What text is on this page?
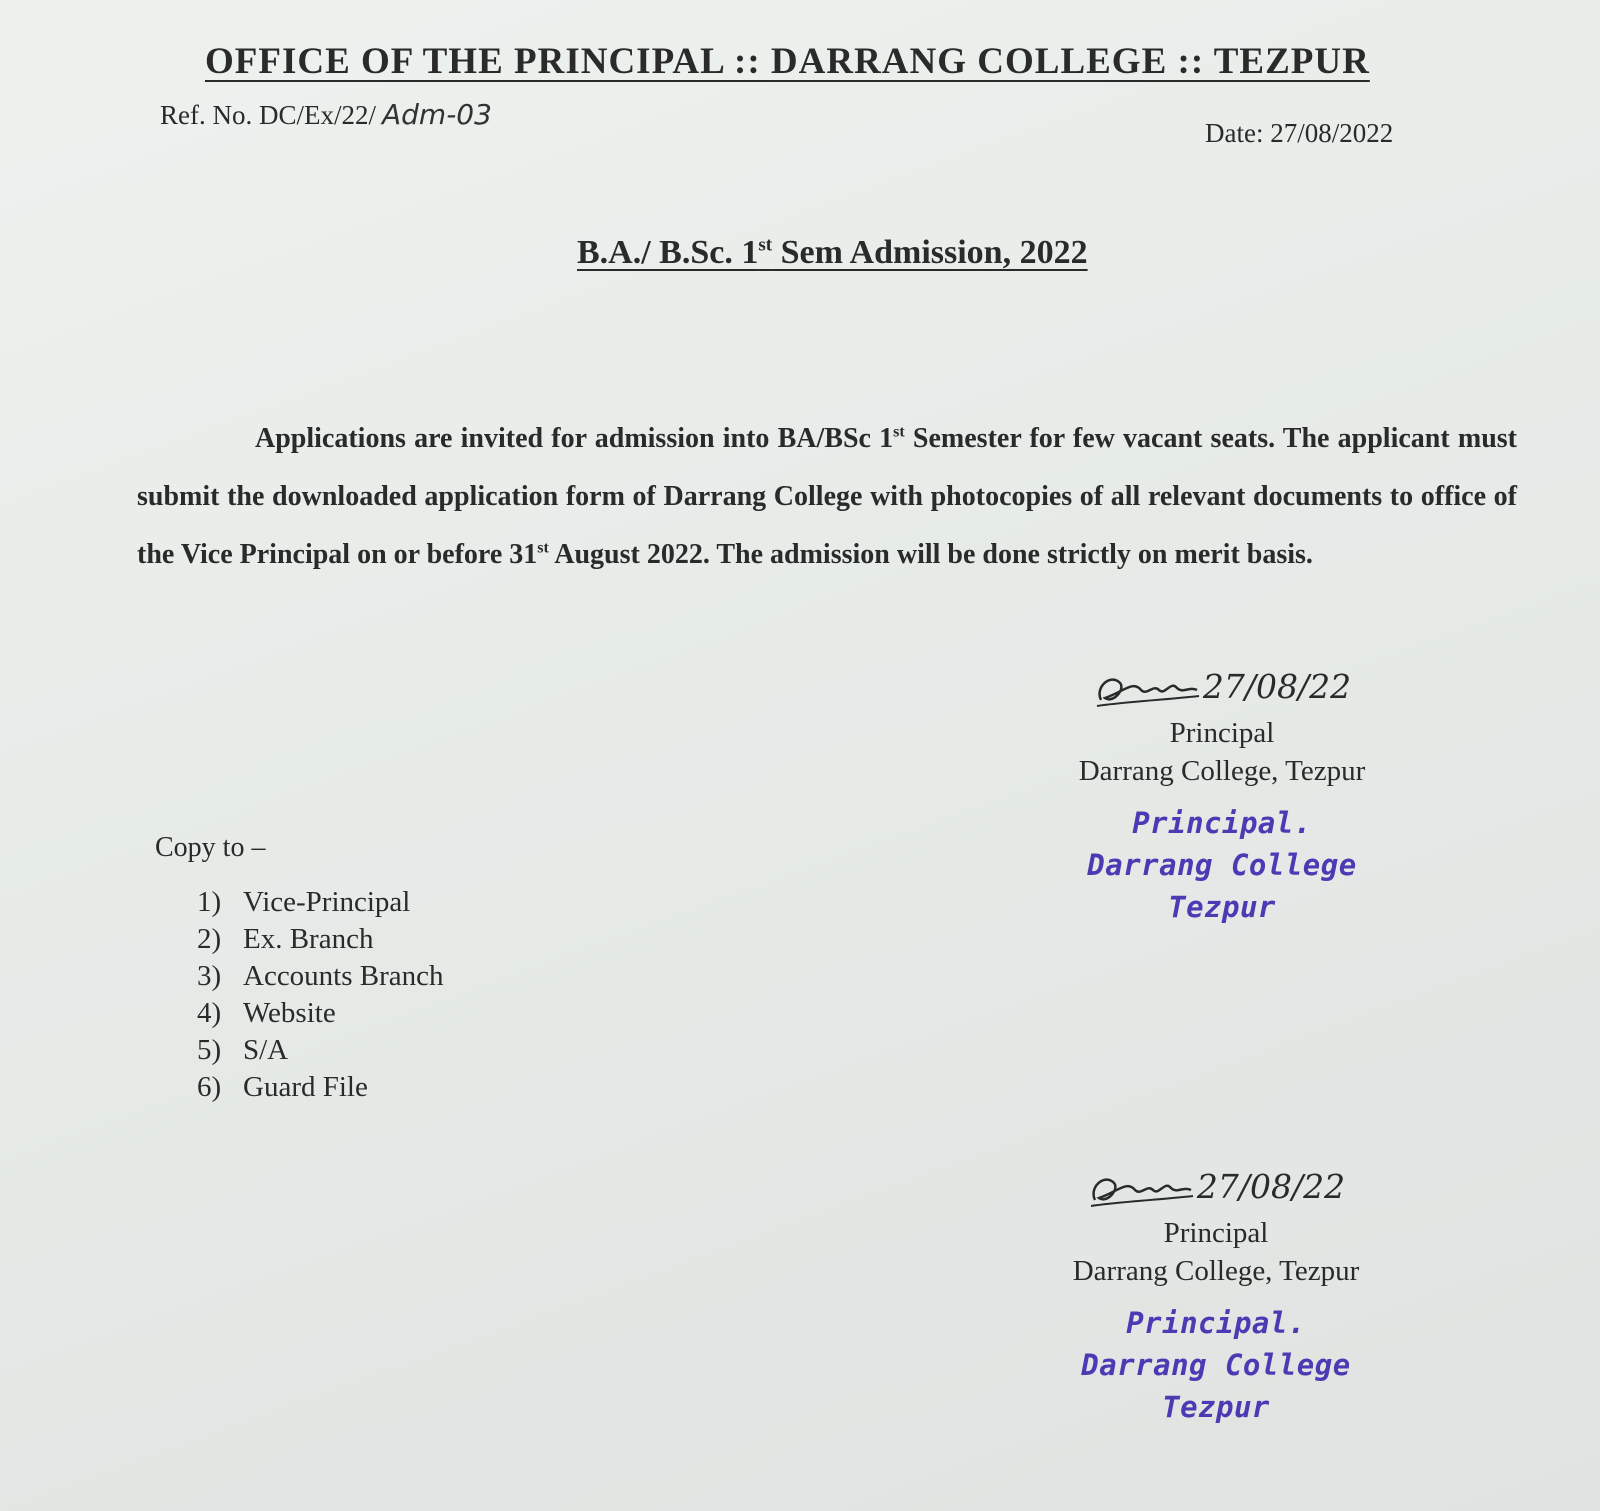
OFFICE OF THE PRINCIPAL :: DARRANG COLLEGE :: TEZPUR
Ref. No. DC/Ex/22/ Adm-03
Date: 27/08/2022
B.A./ B.Sc. 1st Sem Admission, 2022

Applications are invited for admission into BA/BSc 1st Semester for few vacant seats. The applicant must submit the downloaded application form of Darrang College with photocopies of all relevant documents to office of the Vice Principal on or before 31st August 2022. The admission will be done strictly on merit basis.

27/08/22
Principal
Darrang College, Tezpur
Principal.
Darrang College
Tezpur
Copy to –
1) Vice-Principal
2) Ex. Branch
3) Accounts Branch
4) Website
5) S/A
6) Guard File
27/08/22
Principal
Darrang College, Tezpur
Principal.
Darrang College
Tezpur
